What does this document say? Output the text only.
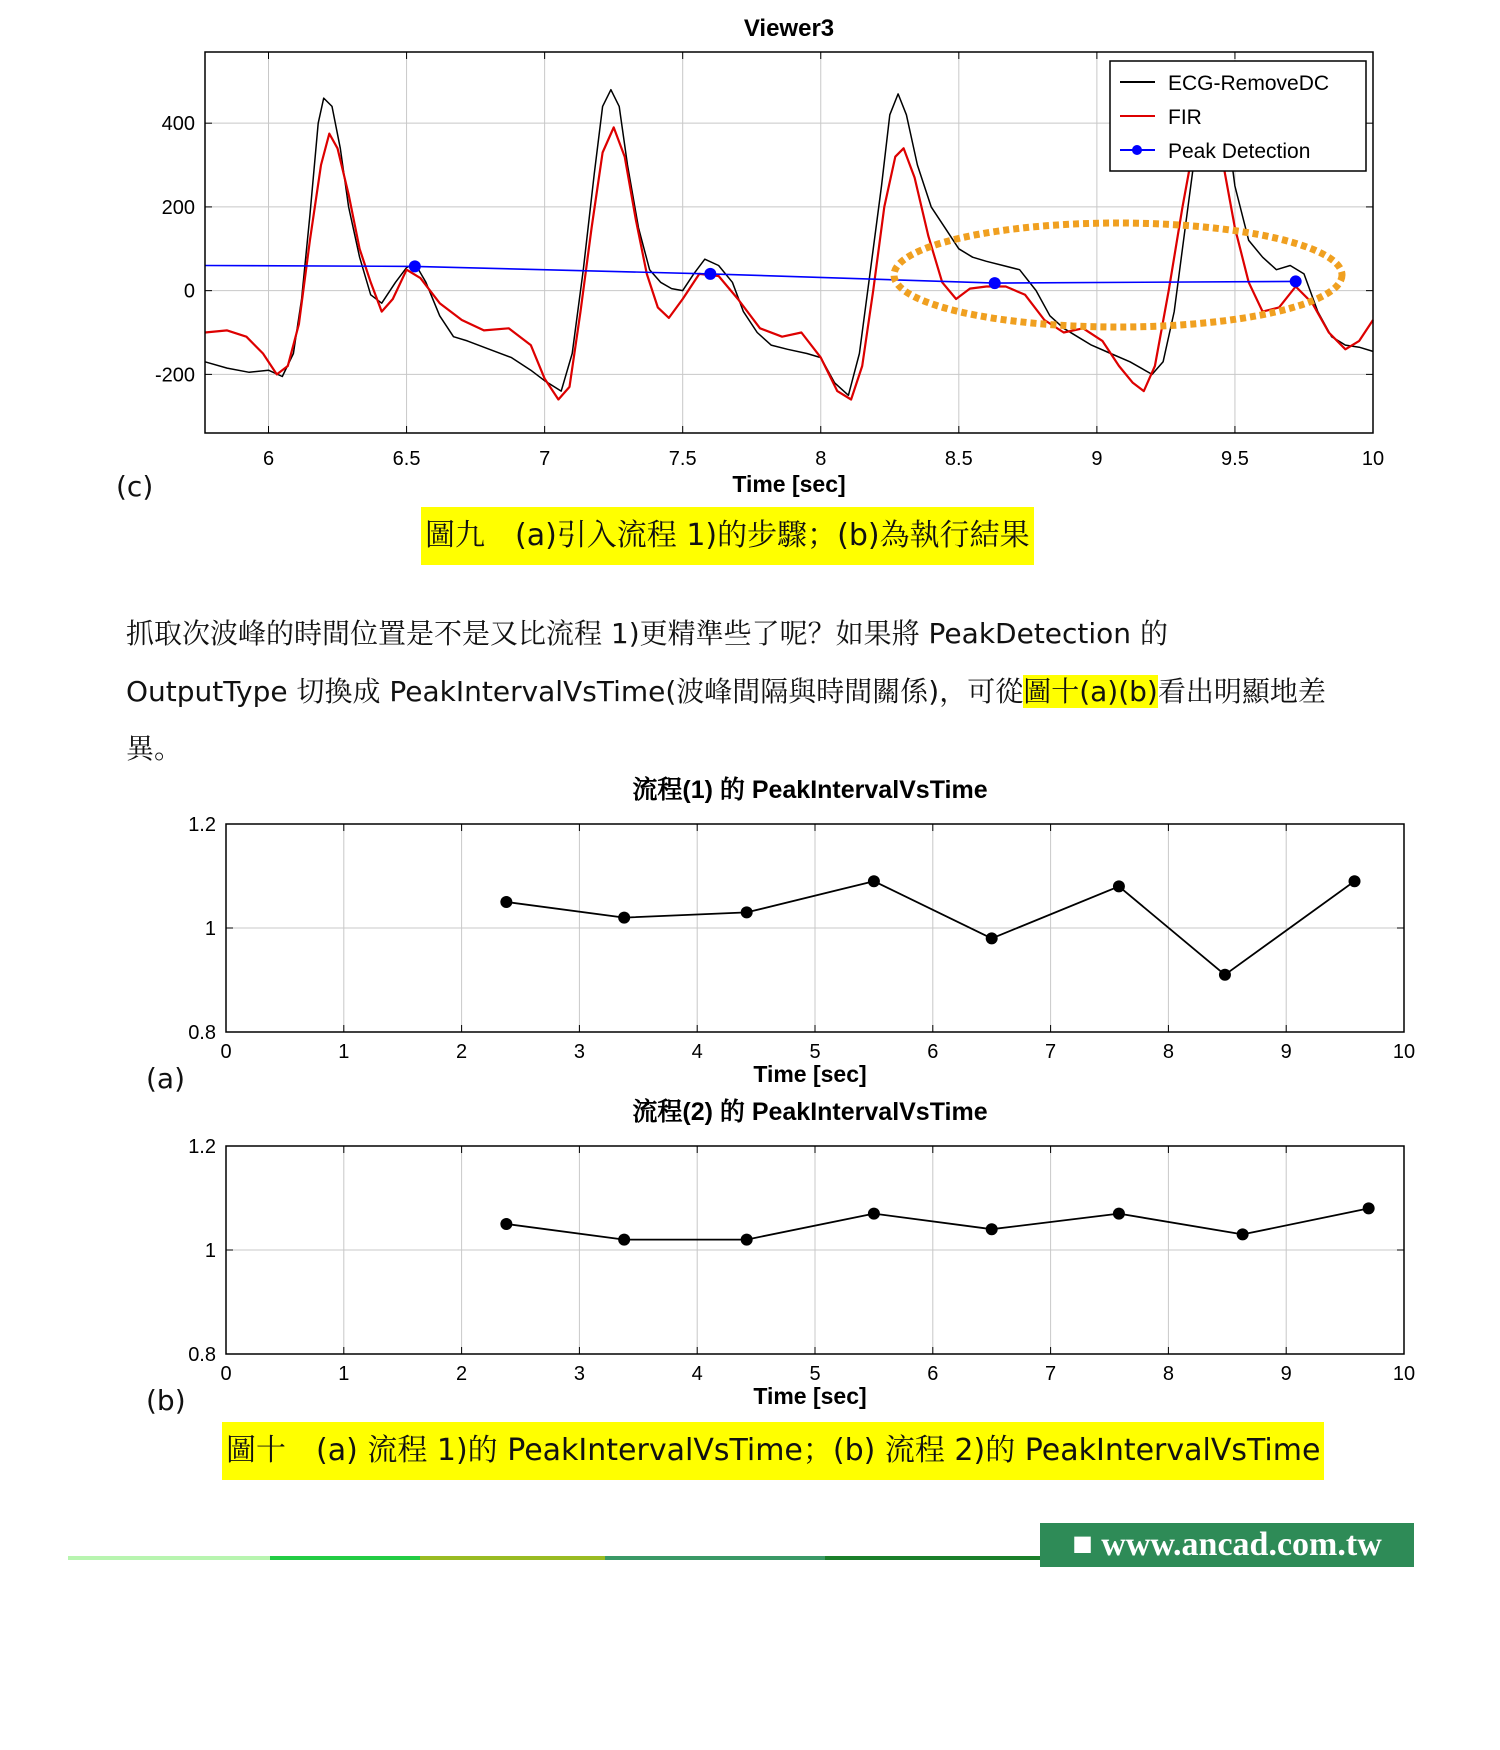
Viewer3
6	6.5	7	7.5	8	8.5	9	9.5	10
-200
0
200
400
Time [sec]
ECG-RemoveDC
FIR
Peak Detection
(c)
圖九　(a)引入流程 1)的步驟；(b)為執行結果
抓取次波峰的時間位置是不是又比流程 1)更精準些了呢？如果將 PeakDetection 的
OutputType 切換成 PeakIntervalVsTime(波峰間隔與時間關係)，可從圖十(a)(b)看出明顯地差
異。
流程(1) 的 PeakIntervalVsTime
0	1	2	3	4	5	6	7	8	9	10
0.8
1
1.2
Time [sec]
(a)
流程(2) 的 PeakIntervalVsTime
0	1	2	3	4	5	6	7	8	9	10
0.8
1
1.2
Time [sec]
(b)
圖十　(a) 流程 1)的 PeakIntervalVsTime；(b) 流程 2)的 PeakIntervalVsTime
■ www.ancad.com.tw
